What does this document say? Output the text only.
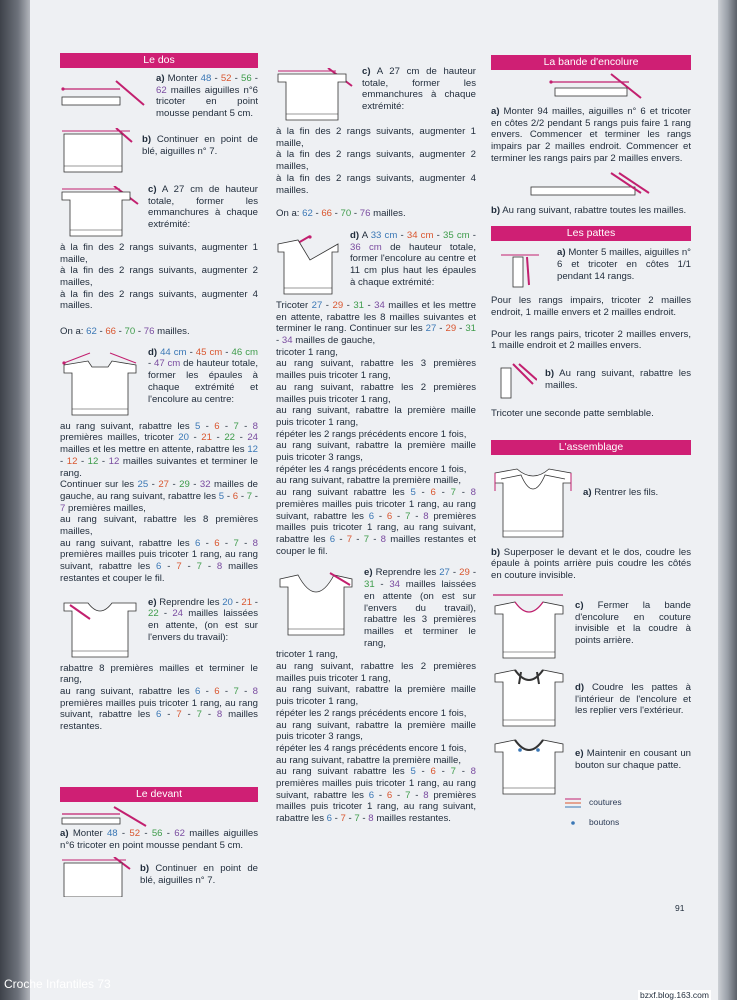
Le dos
a) Monter 48 - 52 - 56 - 62 mailles aiguilles n°6 tricoter en point mousse pendant 5 cm.
b) Continuer en point de blé, aiguilles n° 7.
c) A 27 cm de hauteur totale, former les emmanchures à chaque extrémité:
à la fin des 2 rangs suivants, augmenter 1 maille,
à la fin des 2 rangs suivants, augmenter 2 mailles,
à la fin des 2 rangs suivants, augmenter 4 mailles.
On a: 62 - 66 - 70 - 76 mailles.
d) 44 cm - 45 cm - 46 cm - 47 cm de hauteur totale, former les épaules à chaque extrémité et l'encolure au centre:
au rang suivant, rabattre les 5 - 6 - 7 - 8 premières mailles, tricoter 20 - 21 - 22 - 24 mailles et les mettre en attente, rabattre les 12 - 12 - 12 - 12 mailles suivantes et terminer le rang.
Continuer sur les 25 - 27 - 29 - 32 mailles de gauche, au rang suivant, rabattre les 5 - 6 - 7 - 7 premières mailles,
au rang suivant, rabattre les 8 premières mailles,
au rang suivant, rabattre les 6 - 6 - 7 - 8 premières mailles puis tricoter 1 rang, au rang suivant, rabattre les 6 - 7 - 7 - 8 mailles restantes et couper le fil.
e) Reprendre les 20 - 21 - 22 - 24 mailles laissées en attente, (on est sur l'envers du travail):
rabattre 8 premières mailles et terminer le rang,
au rang suivant, rabattre les 6 - 6 - 7 - 8 premières mailles puis tricoter 1 rang, au rang suivant, rabattre les 6 - 7 - 7 - 8 mailles restantes.
Le devant
a) Monter 48 - 52 - 56 - 62 mailles aiguilles n°6 tricoter en point mousse pendant 5 cm.
b) Continuer en point de blé, aiguilles n° 7.
c) A 27 cm de hauteur totale, former les emmanchures à chaque extrémité:
à la fin des 2 rangs suivants, augmenter 1 maille,
à la fin des 2 rangs suivants, augmenter 2 mailles,
à la fin des 2 rangs suivants, augmenter 4 mailles.
On a: 62 - 66 - 70 - 76 mailles.
d) A 33 cm - 34 cm - 35 cm - 36 cm de hauteur totale, former l'encolure au centre et 11 cm plus haut les épaules à chaque extrémité:
Tricoter 27 - 29 - 31 - 34 mailles et les mettre en attente, rabattre les 8 mailles suivantes et terminer le rang. Continuer sur les 27 - 29 - 31 - 34 mailles de gauche,
tricoter 1 rang,
au rang suivant, rabattre les 3 premières mailles puis tricoter 1 rang,
au rang suivant, rabattre les 2 premières mailles puis tricoter 1 rang,
au rang suivant, rabattre la première maille puis tricoter 1 rang,
répéter les 2 rangs précédents encore 1 fois,
au rang suivant, rabattre la première maille puis tricoter 3 rangs,
répéter les 4 rangs précédents encore 1 fois,
au rang suivant, rabattre la première maille,
au rang suivant rabattre les 5 - 6 - 7 - 8 premières mailles puis tricoter 1 rang, au rang suivant, rabattre les 6 - 6 - 7 - 8 premières mailles puis tricoter 1 rang, au rang suivant, rabattre les 6 - 7 - 7 - 8 mailles restantes et couper le fil.
e) Reprendre les 27 - 29 - 31 - 34 mailles laissées en attente (on est sur l'envers du travail), rabattre les 3 premières mailles et terminer le rang,
tricoter 1 rang,
au rang suivant, rabattre les 2 premières mailles puis tricoter 1 rang,
au rang suivant, rabattre la première maille puis tricoter 1 rang,
répéter les 2 rangs précédents encore 1 fois,
au rang suivant, rabattre la première maille puis tricoter 3 rangs,
répéter les 4 rangs précédents encore 1 fois,
au rang suivant, rabattre la première maille,
au rang suivant rabattre les 5 - 6 - 7 - 8 premières mailles puis tricoter 1 rang, au rang suivant, rabattre les 6 - 6 - 7 - 8 premières mailles puis tricoter 1 rang, au rang suivant, rabattre les 6 - 7 - 7 - 8 mailles restantes.
La bande d'encolure
a) Monter 94 mailles, aiguilles n° 6 et tricoter en côtes 2/2 pendant 5 rangs puis faire 1 rang envers. Commencer et terminer les rangs impairs par 2 mailles endroit. Commencer et terminer les rangs pairs par 2 mailles envers.
b) Au rang suivant, rabattre toutes les mailles.
Les pattes
a) Monter 5 mailles, aiguilles n° 6 et tricoter en côtes 1/1 pendant 14 rangs.
Pour les rangs impairs, tricoter 2 mailles endroit, 1 maille envers et 2 mailles endroit.
Pour les rangs pairs, tricoter 2 mailles envers, 1 maille endroit et 2 mailles envers.
b) Au rang suivant, rabattre les mailles.
Tricoter une seconde patte semblable.
L'assemblage
a) Rentrer les fils.
b) Superposer le devant et le dos, coudre les épaule à points arrière puis coudre les côtés en couture invisible.
c) Fermer la bande d'encolure en couture invisible et la coudre à points arrière.
d) Coudre les pattes à l'intérieur de l'encolure et les replier vers l'extérieur.
e) Maintenir en cousant un bouton sur chaque patte.
coutures
boutons
91
Croche Infantiles 73
bzxf.blog.163.com
